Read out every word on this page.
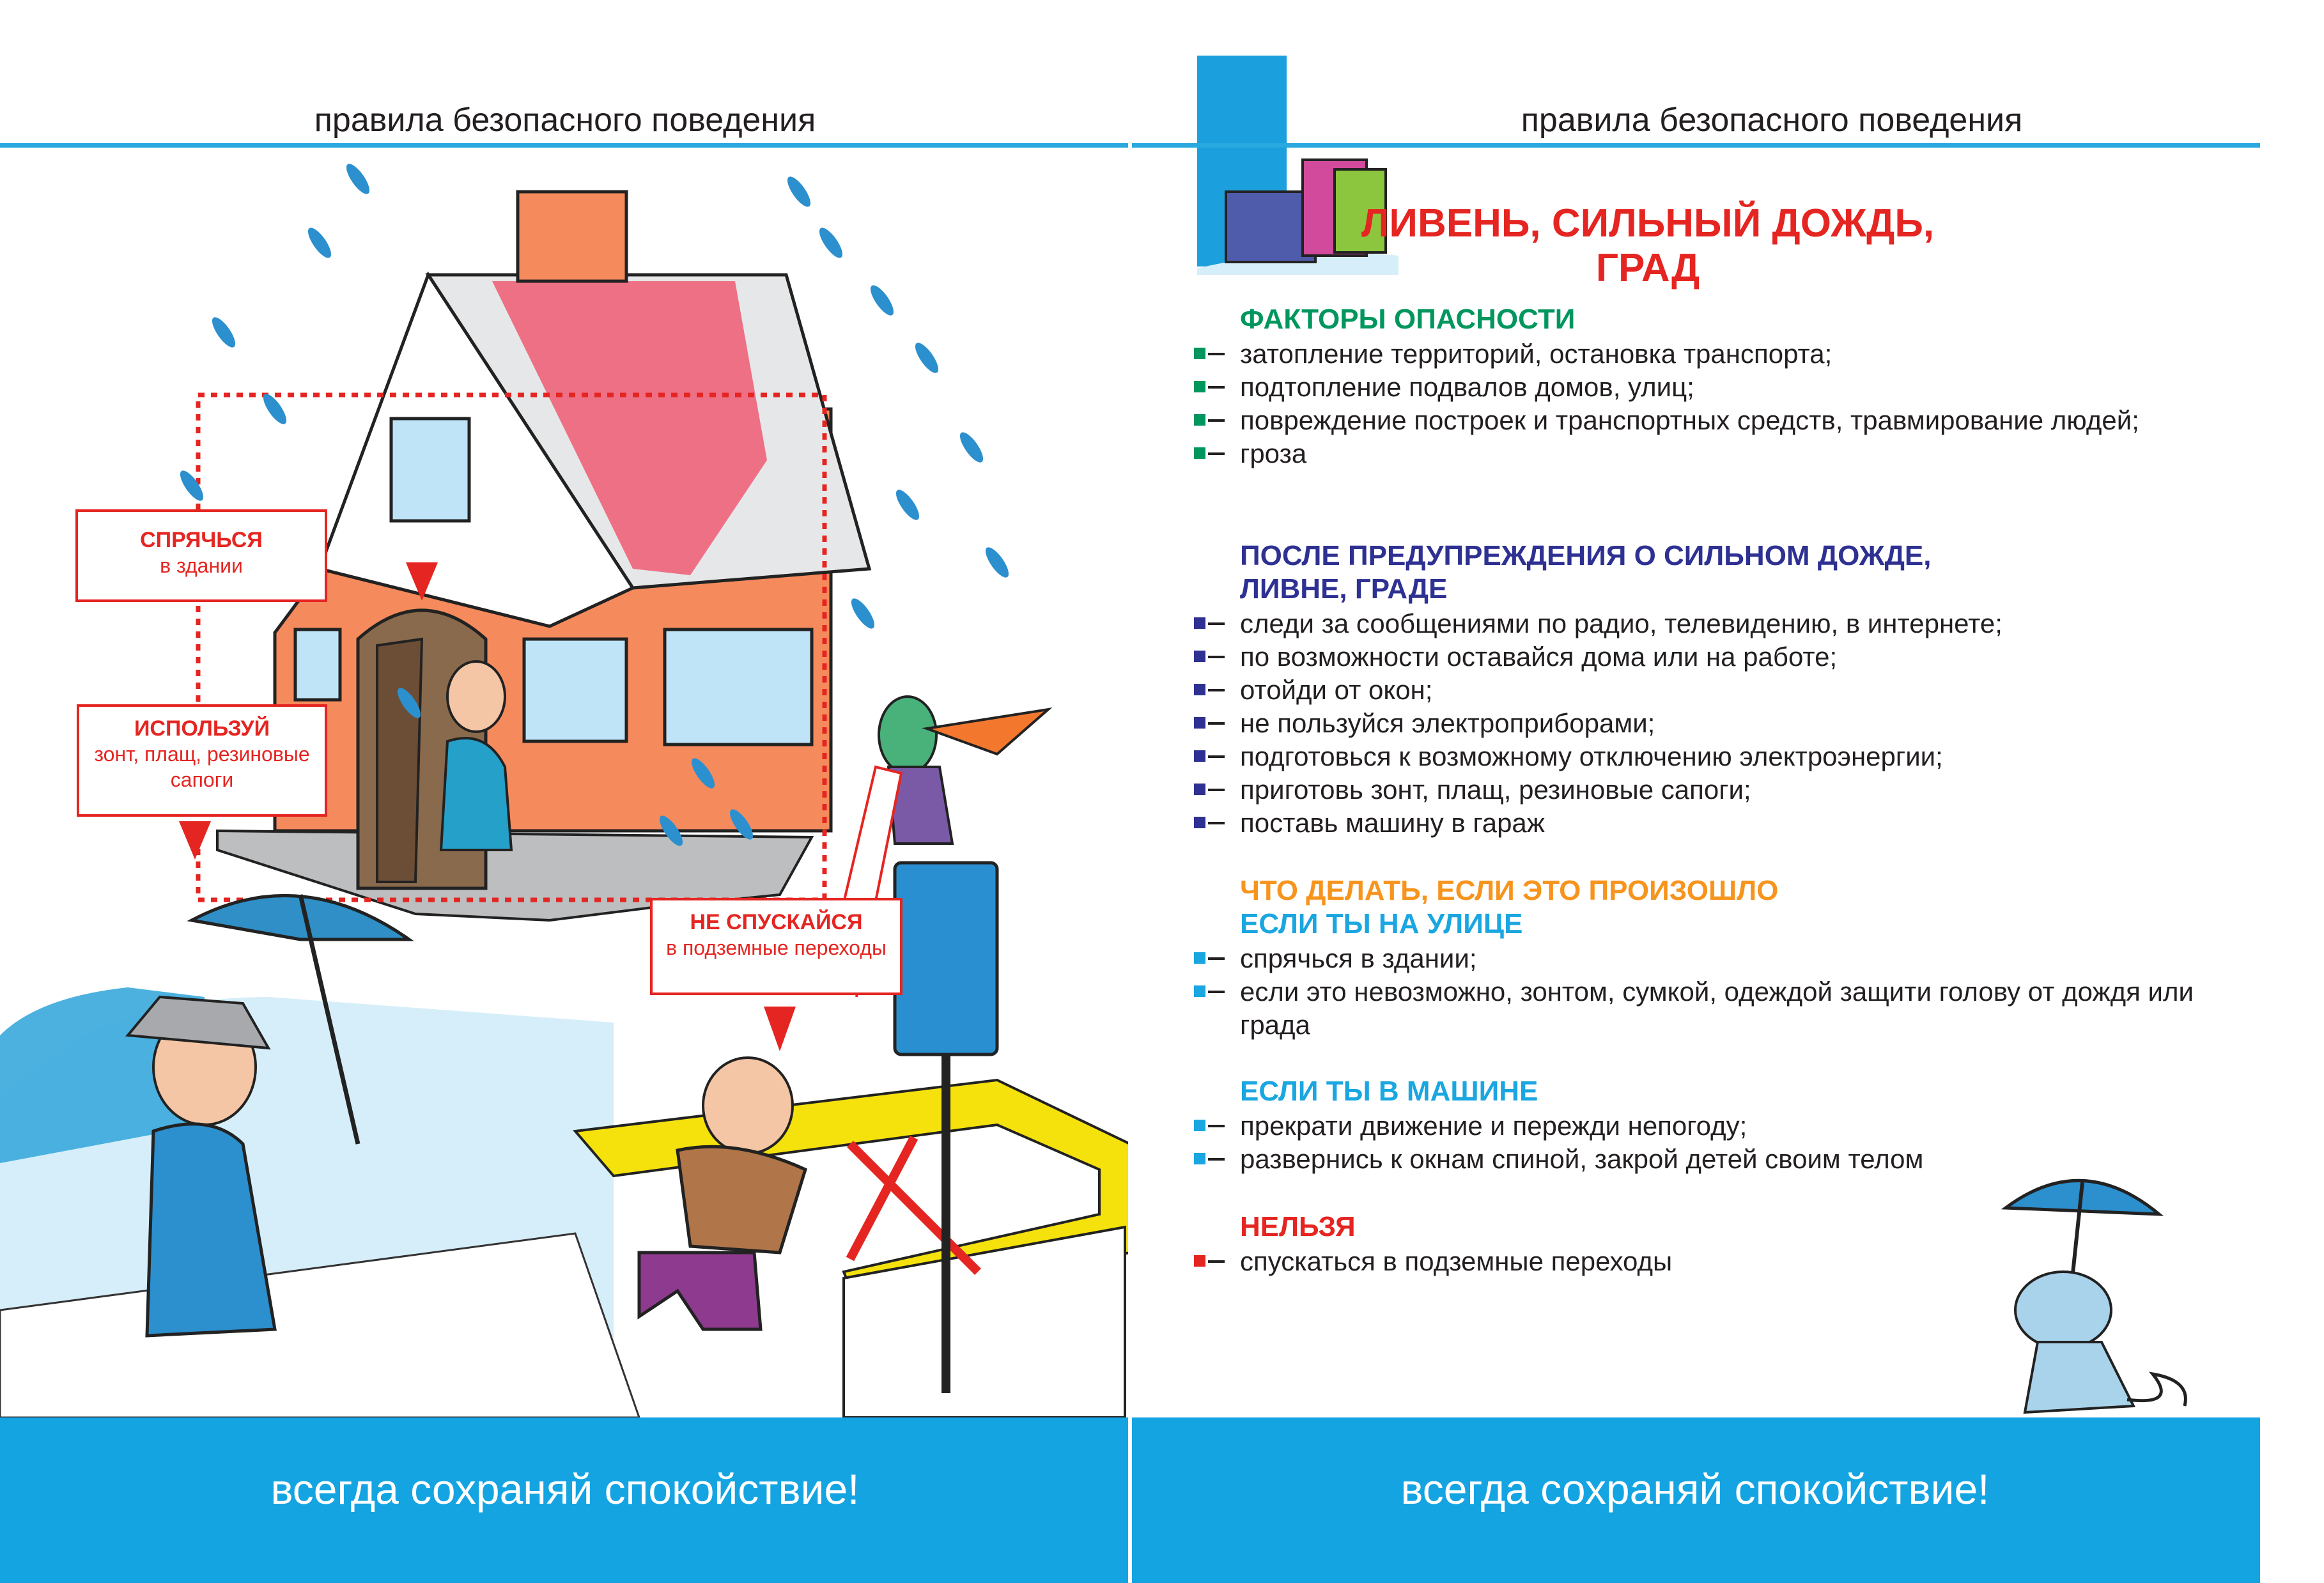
правила безопасного поведения
СПРЯЧЬСЯ
в здании
ИСПОЛЬЗУЙ
зонт, плащ, резиновые сапоги
НЕ СПУСКАЙСЯ
в подземные переходы
всегда сохраняй спокойствие!
правила безопасного поведения
ЛИВЕНЬ, СИЛЬНЫЙ ДОЖДЬ,
ГРАД
ФАКТОРЫ ОПАСНОСТИ
затопление территорий, остановка транспорта;
подтопление подвалов домов, улиц;
повреждение построек и транспортных средств, травмирование людей;
гроза
ПОСЛЕ ПРЕДУПРЕЖДЕНИЯ О СИЛЬНОМ ДОЖДЕ,
ЛИВНЕ, ГРАДЕ
следи за сообщениями по радио, телевидению, в интернете;
по возможности оставайся дома или на работе;
отойди от окон;
не пользуйся электроприборами;
подготовься к возможному отключению электроэнергии;
приготовь зонт, плащ, резиновые сапоги;
поставь машину в гараж
ЧТО ДЕЛАТЬ, ЕСЛИ ЭТО ПРОИЗОШЛО
ЕСЛИ ТЫ НА УЛИЦЕ
спрячься в здании;
если это невозможно, зонтом, сумкой, одеждой защити голову от дождя или града
ЕСЛИ ТЫ В МАШИНЕ
прекрати движение и пережди непогоду;
развернись к окнам спиной, закрой детей своим телом
НЕЛЬЗЯ
спускаться в подземные переходы
всегда сохраняй спокойствие!
